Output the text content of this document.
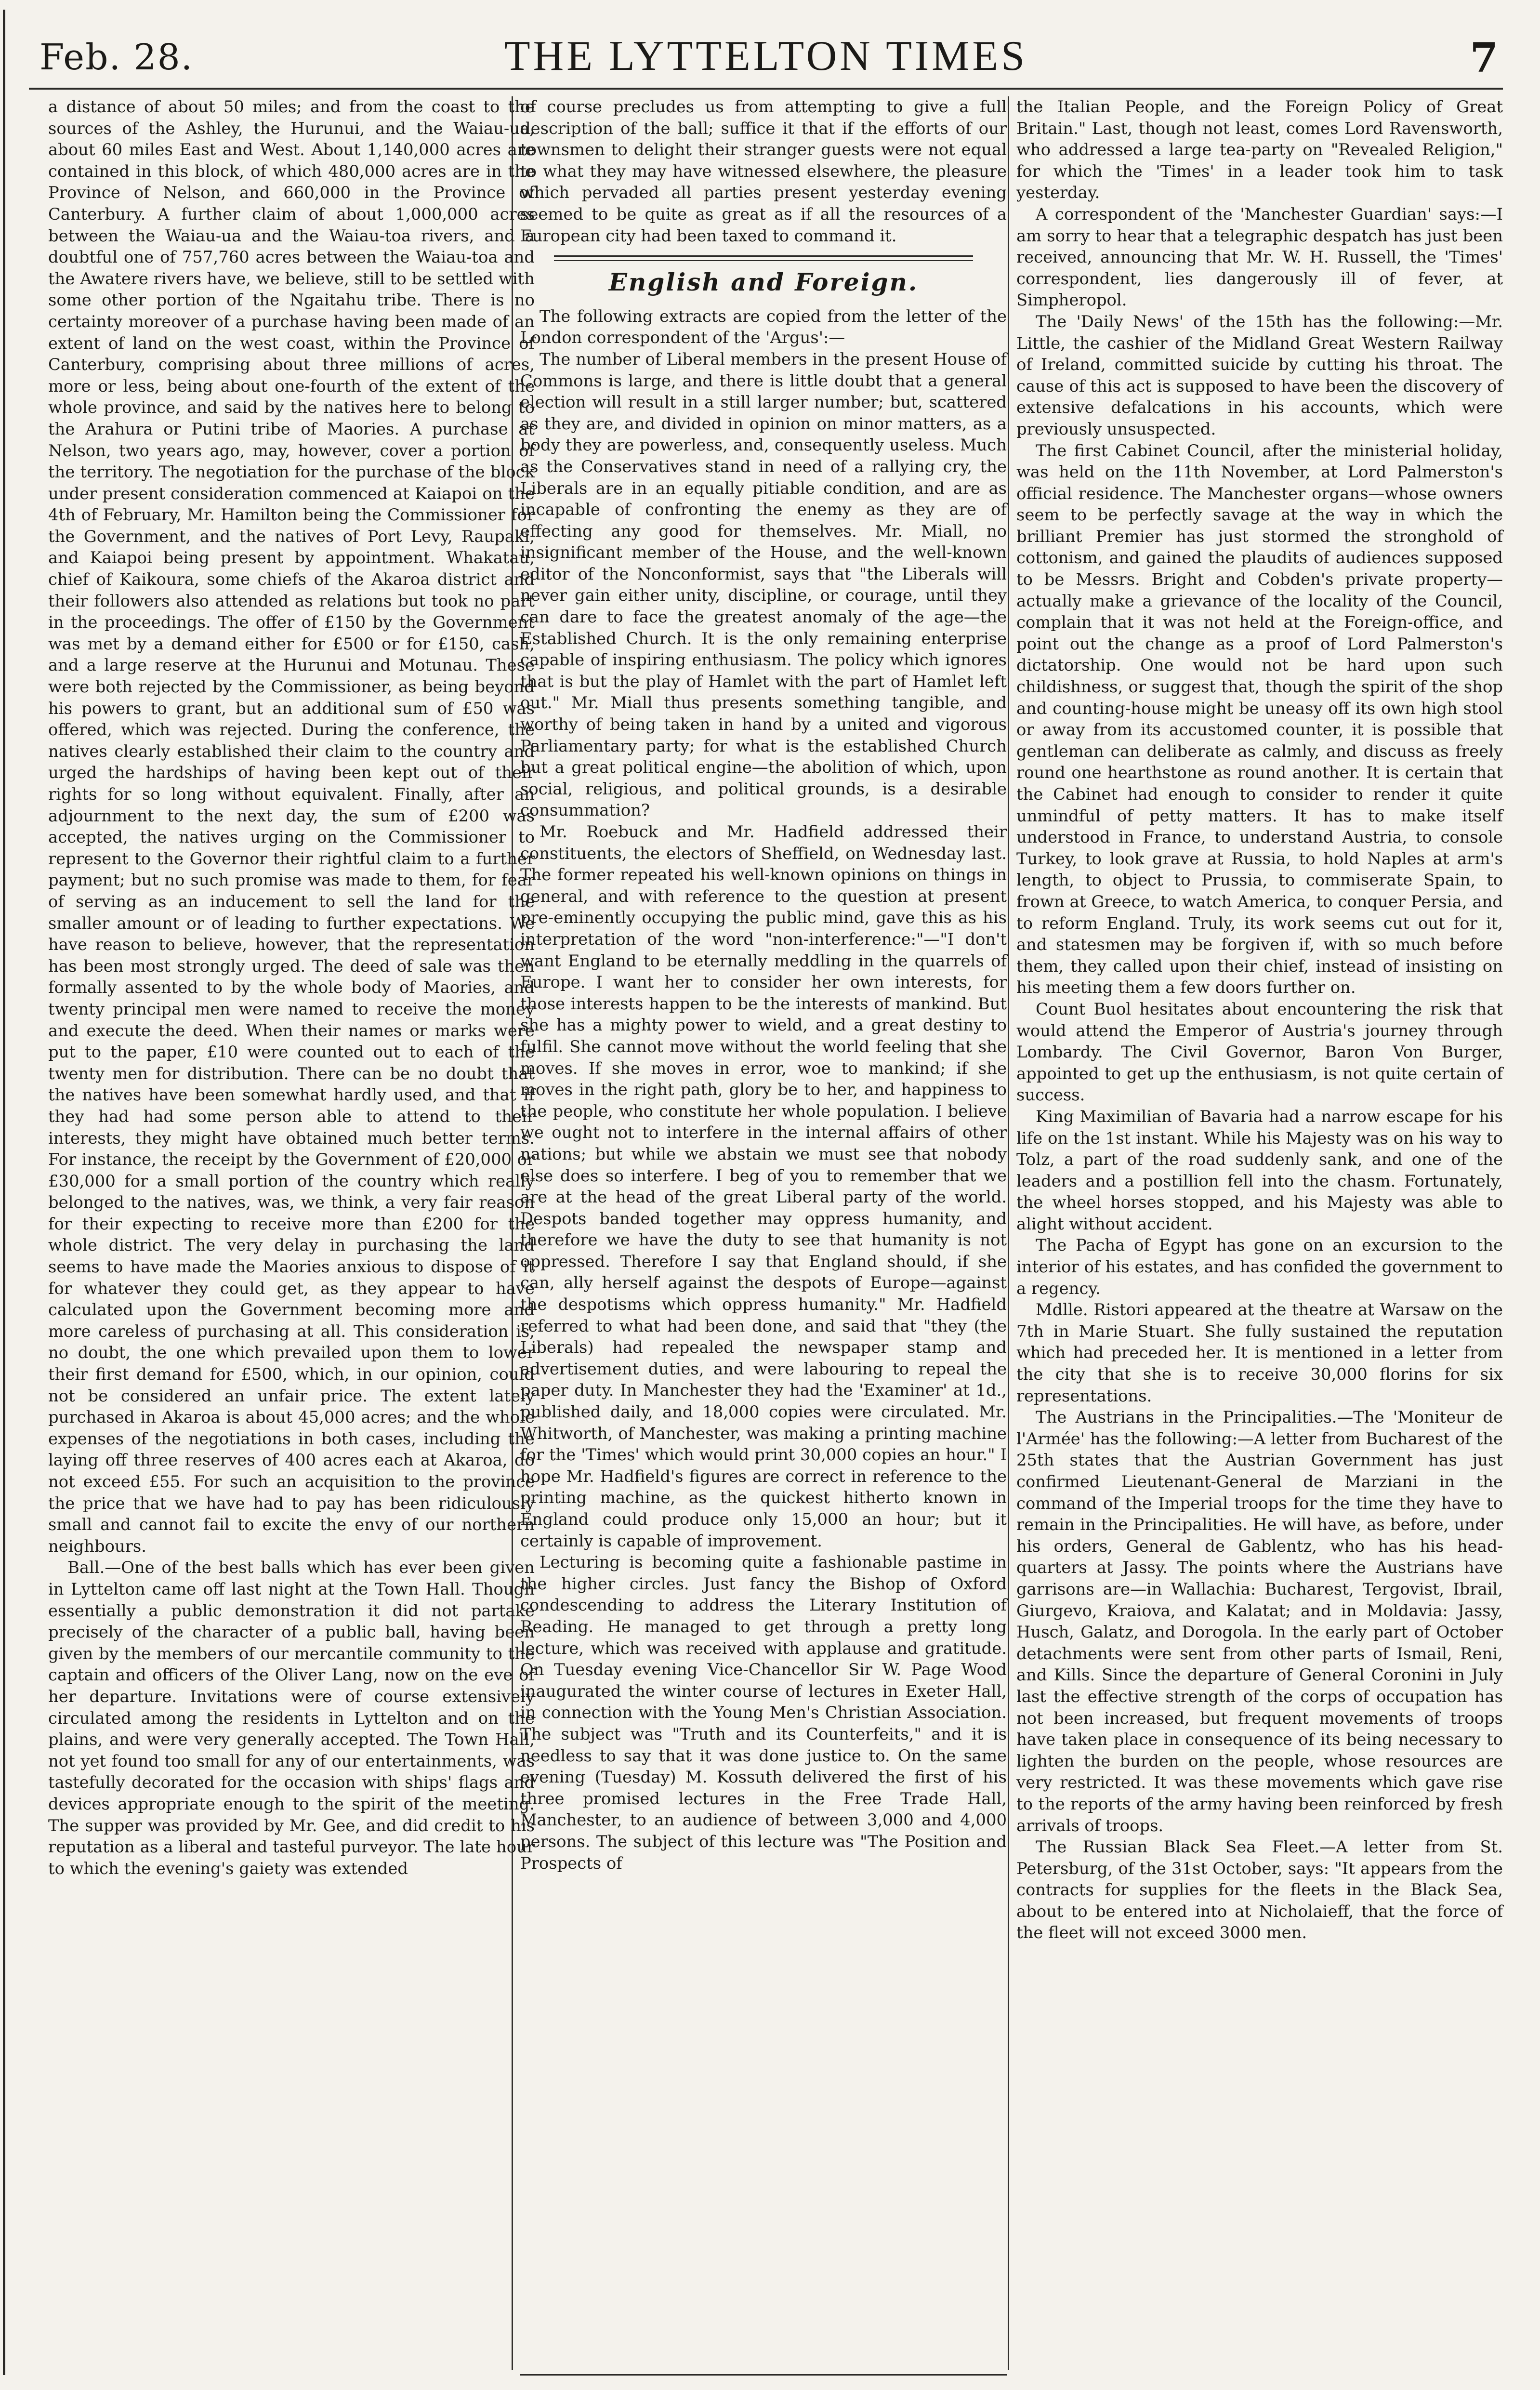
Feb. 28.	THE LYTTELTON TIMES	7

a distance of about 50 miles; and from the coast to the sources of the Ashley, the Hurunui, and the Waiau-ua, about 60 miles East and West. About 1,140,000 acres are contained in this block, of which 480,000 acres are in the Province of Nelson, and 660,000 in the Province of Canterbury. A further claim of about 1,000,000 acres between the Waiau-ua and the Waiau-toa rivers, and a doubtful one of 757,760 acres between the Waiau-toa and the Awatere rivers have, we believe, still to be settled with some other portion of the Ngaitahu tribe. There is no certainty moreover of a purchase having been made of an extent of land on the west coast, within the Province of Canterbury, comprising about three millions of acres, more or less, being about one-fourth of the extent of the whole province, and said by the natives here to belong to the Arahura or Putini tribe of Maories. A purchase at Nelson, two years ago, may, however, cover a portion of the territory. The negotiation for the purchase of the block under present consideration commenced at Kaiapoi on the 4th of February, Mr. Hamilton being the Commissioner for the Government, and the natives of Port Levy, Raupaki, and Kaiapoi being present by appointment. Whakatau, chief of Kaikoura, some chiefs of the Akaroa district and their followers also attended as relations but took no part in the proceedings. The offer of £150 by the Government was met by a demand either for £500 or for £150, cash, and a large reserve at the Hurunui and Motunau. These were both rejected by the Commissioner, as being beyond his powers to grant, but an additional sum of £50 was offered, which was rejected. During the conference, the natives clearly established their claim to the country and urged the hardships of having been kept out of their rights for so long without equivalent. Finally, after an adjournment to the next day, the sum of £200 was accepted, the natives urging on the Commissioner to represent to the Governor their rightful claim to a further payment; but no such promise was made to them, for fear of serving as an inducement to sell the land for the smaller amount or of leading to further expectations. We have reason to believe, however, that the representation has been most strongly urged. The deed of sale was then formally assented to by the whole body of Maories, and twenty principal men were named to receive the money and execute the deed. When their names or marks were put to the paper, £10 were counted out to each of the twenty men for distribution. There can be no doubt that the natives have been somewhat hardly used, and that if they had had some person able to attend to their interests, they might have obtained much better terms. For instance, the receipt by the Government of £20,000 or £30,000 for a small portion of the country which really belonged to the natives, was, we think, a very fair reason for their expecting to receive more than £200 for the whole district. The very delay in purchasing the land seems to have made the Maories anxious to dispose of it for whatever they could get, as they appear to have calculated upon the Government becoming more and more careless of purchasing at all. This consideration is, no doubt, the one which prevailed upon them to lower their first demand for £500, which, in our opinion, could not be considered an unfair price. The extent lately purchased in Akaroa is about 45,000 acres; and the whole expenses of the negotiations in both cases, including the laying off three reserves of 400 acres each at Akaroa, do not exceed £55. For such an acquisition to the province the price that we have had to pay has been ridiculously small and cannot fail to excite the envy of our northern neighbours.

Ball.—One of the best balls which has ever been given in Lyttelton came off last night at the Town Hall. Though essentially a public demonstration it did not partake precisely of the character of a public ball, having been given by the members of our mercantile community to the captain and officers of the Oliver Lang, now on the eve of her departure. Invitations were of course extensively circulated among the residents in Lyttelton and on the plains, and were very generally accepted. The Town Hall, not yet found too small for any of our entertainments, was tastefully decorated for the occasion with ships' flags and devices appropriate enough to the spirit of the meeting. The supper was provided by Mr. Gee, and did credit to his reputation as a liberal and tasteful purveyor. The late hour to which the evening's gaiety was extended

of course precludes us from attempting to give a full description of the ball; suffice it that if the efforts of our townsmen to delight their stranger guests were not equal to what they may have witnessed elsewhere, the pleasure which pervaded all parties present yesterday evening seemed to be quite as great as if all the resources of a European city had been taxed to command it.

English and Foreign.

The following extracts are copied from the letter of the London correspondent of the 'Argus':—

The number of Liberal members in the present House of Commons is large, and there is little doubt that a general election will result in a still larger number; but, scattered as they are, and divided in opinion on minor matters, as a body they are powerless, and, consequently useless. Much as the Conservatives stand in need of a rallying cry, the Liberals are in an equally pitiable condition, and are as incapable of confronting the enemy as they are of effecting any good for themselves. Mr. Miall, no insignificant member of the House, and the well-known editor of the Nonconformist, says that "the Liberals will never gain either unity, discipline, or courage, until they can dare to face the greatest anomaly of the age—the Established Church. It is the only remaining enterprise capable of inspiring enthusiasm. The policy which ignores that is but the play of Hamlet with the part of Hamlet left out." Mr. Miall thus presents something tangible, and worthy of being taken in hand by a united and vigorous Parliamentary party; for what is the established Church but a great political engine—the abolition of which, upon social, religious, and political grounds, is a desirable consummation?

Mr. Roebuck and Mr. Hadfield addressed their constituents, the electors of Sheffield, on Wednesday last. The former repeated his well-known opinions on things in general, and with reference to the question at present pre-eminently occupying the public mind, gave this as his interpretation of the word "non-interference:"—"I don't want England to be eternally meddling in the quarrels of Europe. I want her to consider her own interests, for those interests happen to be the interests of mankind. But she has a mighty power to wield, and a great destiny to fulfil. She cannot move without the world feeling that she moves. If she moves in error, woe to mankind; if she moves in the right path, glory be to her, and happiness to the people, who constitute her whole population. I believe we ought not to interfere in the internal affairs of other nations; but while we abstain we must see that nobody else does so interfere. I beg of you to remember that we are at the head of the great Liberal party of the world. Despots banded together may oppress humanity, and therefore we have the duty to see that humanity is not oppressed. Therefore I say that England should, if she can, ally herself against the despots of Europe—against the despotisms which oppress humanity." Mr. Hadfield referred to what had been done, and said that "they (the Liberals) had repealed the newspaper stamp and advertisement duties, and were labouring to repeal the paper duty. In Manchester they had the 'Examiner' at 1d., published daily, and 18,000 copies were circulated. Mr. Whitworth, of Manchester, was making a printing machine for the 'Times' which would print 30,000 copies an hour." I hope Mr. Hadfield's figures are correct in reference to the printing machine, as the quickest hitherto known in England could produce only 15,000 an hour; but it certainly is capable of improvement.

Lecturing is becoming quite a fashionable pastime in the higher circles. Just fancy the Bishop of Oxford condescending to address the Literary Institution of Reading. He managed to get through a pretty long lecture, which was received with applause and gratitude. On Tuesday evening Vice-Chancellor Sir W. Page Wood inaugurated the winter course of lectures in Exeter Hall, in connection with the Young Men's Christian Association. The subject was "Truth and its Counterfeits," and it is needless to say that it was done justice to. On the same evening (Tuesday) M. Kossuth delivered the first of his three promised lectures in the Free Trade Hall, Manchester, to an audience of between 3,000 and 4,000 persons. The subject of this lecture was "The Position and Prospects of

the Italian People, and the Foreign Policy of Great Britain." Last, though not least, comes Lord Ravensworth, who addressed a large tea-party on "Revealed Religion," for which the 'Times' in a leader took him to task yesterday.

A correspondent of the 'Manchester Guardian' says:—I am sorry to hear that a telegraphic despatch has just been received, announcing that Mr. W. H. Russell, the 'Times' correspondent, lies dangerously ill of fever, at Simpheropol.

The 'Daily News' of the 15th has the following:—Mr. Little, the cashier of the Midland Great Western Railway of Ireland, committed suicide by cutting his throat. The cause of this act is supposed to have been the discovery of extensive defalcations in his accounts, which were previously unsuspected.

The first Cabinet Council, after the ministerial holiday, was held on the 11th November, at Lord Palmerston's official residence. The Manchester organs—whose owners seem to be perfectly savage at the way in which the brilliant Premier has just stormed the stronghold of cottonism, and gained the plaudits of audiences supposed to be Messrs. Bright and Cobden's private property—actually make a grievance of the locality of the Council, complain that it was not held at the Foreign-office, and point out the change as a proof of Lord Palmerston's dictatorship. One would not be hard upon such childishness, or suggest that, though the spirit of the shop and counting-house might be uneasy off its own high stool or away from its accustomed counter, it is possible that gentleman can deliberate as calmly, and discuss as freely round one hearthstone as round another. It is certain that the Cabinet had enough to consider to render it quite unmindful of petty matters. It has to make itself understood in France, to understand Austria, to console Turkey, to look grave at Russia, to hold Naples at arm's length, to object to Prussia, to commiserate Spain, to frown at Greece, to watch America, to conquer Persia, and to reform England. Truly, its work seems cut out for it, and statesmen may be forgiven if, with so much before them, they called upon their chief, instead of insisting on his meeting them a few doors further on.

Count Buol hesitates about encountering the risk that would attend the Emperor of Austria's journey through Lombardy. The Civil Governor, Baron Von Burger, appointed to get up the enthusiasm, is not quite certain of success.

King Maximilian of Bavaria had a narrow escape for his life on the 1st instant. While his Majesty was on his way to Tolz, a part of the road suddenly sank, and one of the leaders and a postillion fell into the chasm. Fortunately, the wheel horses stopped, and his Majesty was able to alight without accident.

The Pacha of Egypt has gone on an excursion to the interior of his estates, and has confided the government to a regency.

Mdlle. Ristori appeared at the theatre at Warsaw on the 7th in Marie Stuart. She fully sustained the reputation which had preceded her. It is mentioned in a letter from the city that she is to receive 30,000 florins for six representations.

The Austrians in the Principalities.—The 'Moniteur de l'Armée' has the following:—A letter from Bucharest of the 25th states that the Austrian Government has just confirmed Lieutenant-General de Marziani in the command of the Imperial troops for the time they have to remain in the Principalities. He will have, as before, under his orders, General de Gablentz, who has his head-quarters at Jassy. The points where the Austrians have garrisons are—in Wallachia: Bucharest, Tergovist, Ibrail, Giurgevo, Kraiova, and Kalatat; and in Moldavia: Jassy, Husch, Galatz, and Dorogola. In the early part of October detachments were sent from other parts of Ismail, Reni, and Kills. Since the departure of General Coronini in July last the effective strength of the corps of occupation has not been increased, but frequent movements of troops have taken place in consequence of its being necessary to lighten the burden on the people, whose resources are very restricted. It was these movements which gave rise to the reports of the army having been reinforced by fresh arrivals of troops.

The Russian Black Sea Fleet.—A letter from St. Petersburg, of the 31st October, says: "It appears from the contracts for supplies for the fleets in the Black Sea, about to be entered into at Nicholaieff, that the force of the fleet will not exceed 3000 men.
